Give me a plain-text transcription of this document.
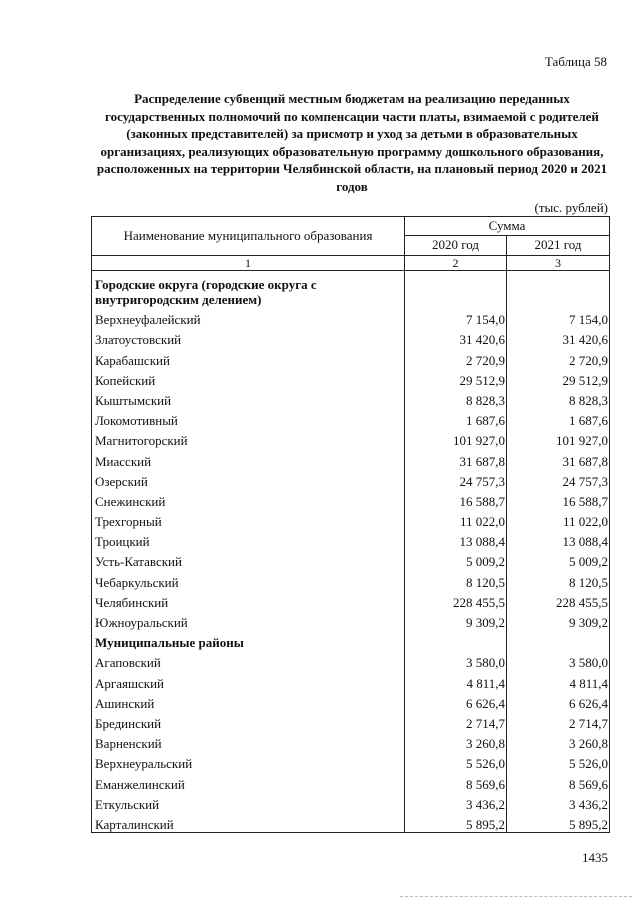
Таблица 58
Распределение субвенций местным бюджетам на реализацию переданных государственных полномочий по компенсации части платы, взимаемой с родителей (законных представителей) за присмотр и уход за детьми в образовательных организациях, реализующих образовательную программу дошкольного образования, расположенных на территории Челябинской области, на плановый период 2020 и 2021 годов
(тыс. рублей)
Наименование муниципального образования	Сумма	
	2020 год	2021 год
1	2	3
Городские округа (городские округа с внутригородским делением)		
Верхнеуфалейский	7 154,0	7 154,0
Златоустовский	31 420,6	31 420,6
Карабашский	2 720,9	2 720,9
Копейский	29 512,9	29 512,9
Кыштымский	8 828,3	8 828,3
Локомотивный	1 687,6	1 687,6
Магнитогорский	101 927,0	101 927,0
Миасский	31 687,8	31 687,8
Озерский	24 757,3	24 757,3
Снежинский	16 588,7	16 588,7
Трехгорный	11 022,0	11 022,0
Троицкий	13 088,4	13 088,4
Усть-Катавский	5 009,2	5 009,2
Чебаркульский	8 120,5	8 120,5
Челябинский	228 455,5	228 455,5
Южноуральский	9 309,2	9 309,2
Муниципальные районы		
Агаповский	3 580,0	3 580,0
Аргаяшский	4 811,4	4 811,4
Ашинский	6 626,4	6 626,4
Брединский	2 714,7	2 714,7
Варненский	3 260,8	3 260,8
Верхнеуральский	5 526,0	5 526,0
Еманжелинский	8 569,6	8 569,6
Еткульский	3 436,2	3 436,2
Карталинский	5 895,2	5 895,2
1435
